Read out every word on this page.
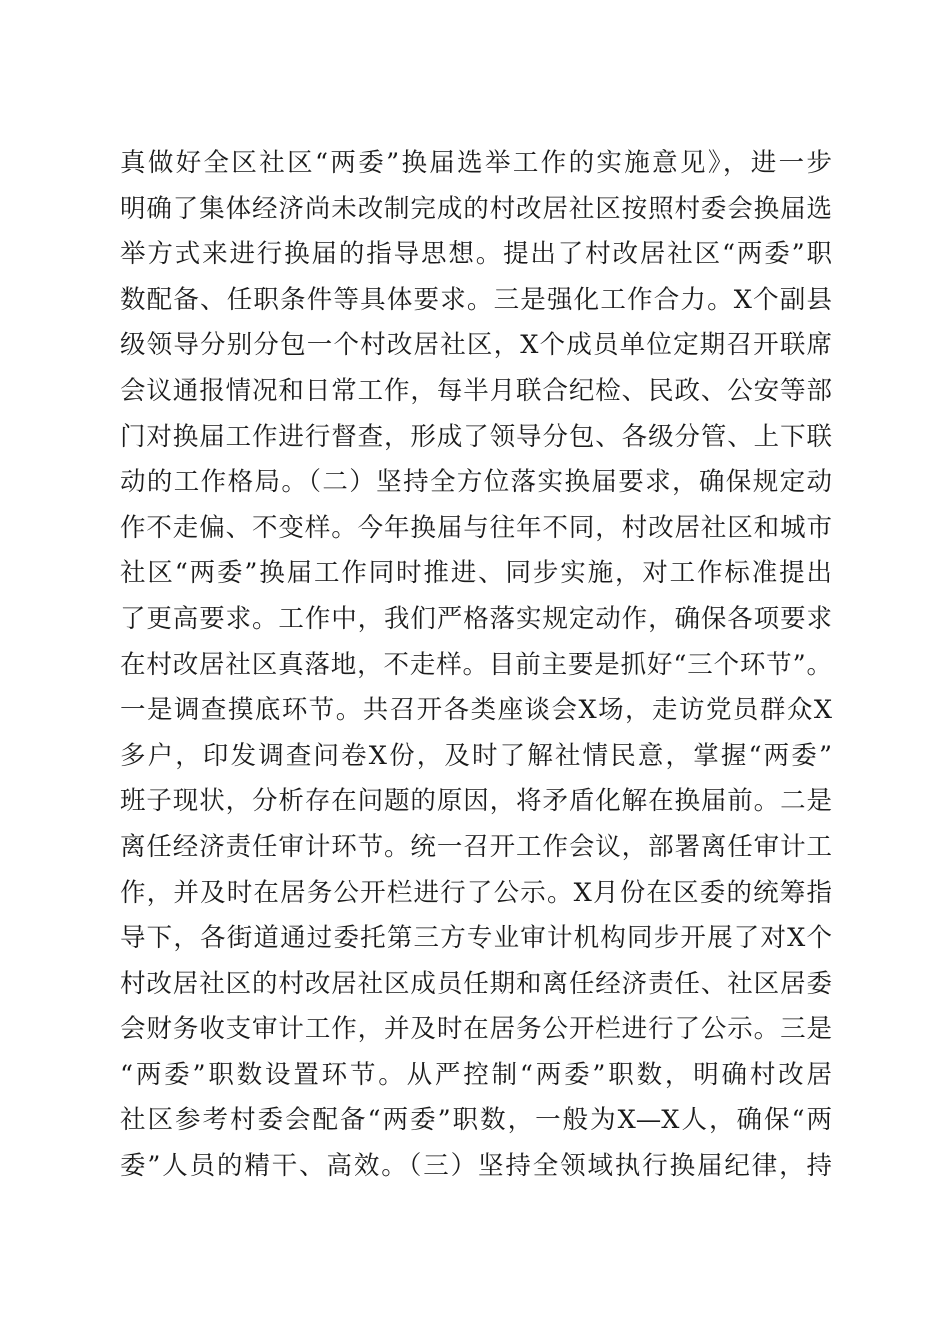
真做好全区社区“两委”换届选举工作的实施意见》，进一步
明确了集体经济尚未改制完成的村改居社区按照村委会换届选
举方式来进行换届的指导思想。提出了村改居社区“两委”职
数配备、任职条件等具体要求。三是强化工作合力。X个副县
级领导分别分包一个村改居社区，X个成员单位定期召开联席
会议通报情况和日常工作，每半月联合纪检、民政、公安等部
门对换届工作进行督查，形成了领导分包、各级分管、上下联
动的工作格局。（二）坚持全方位落实换届要求，确保规定动
作不走偏、不变样。今年换届与往年不同，村改居社区和城市
社区“两委”换届工作同时推进、同步实施，对工作标准提出
了更高要求。工作中，我们严格落实规定动作，确保各项要求
在村改居社区真落地，不走样。目前主要是抓好“三个环节”。
一是调查摸底环节。共召开各类座谈会X场，走访党员群众X
多户，印发调查问卷X份，及时了解社情民意，掌握“两委”
班子现状，分析存在问题的原因，将矛盾化解在换届前。二是
离任经济责任审计环节。统一召开工作会议，部署离任审计工
作，并及时在居务公开栏进行了公示。X月份在区委的统筹指
导下，各街道通过委托第三方专业审计机构同步开展了对X个
村改居社区的村改居社区成员任期和离任经济责任、社区居委
会财务收支审计工作，并及时在居务公开栏进行了公示。三是
“两委”职数设置环节。从严控制“两委”职数，明确村改居
社区参考村委会配备“两委”职数，一般为X—X人，确保“两
委”人员的精干、高效。（三）坚持全领域执行换届纪律，持
